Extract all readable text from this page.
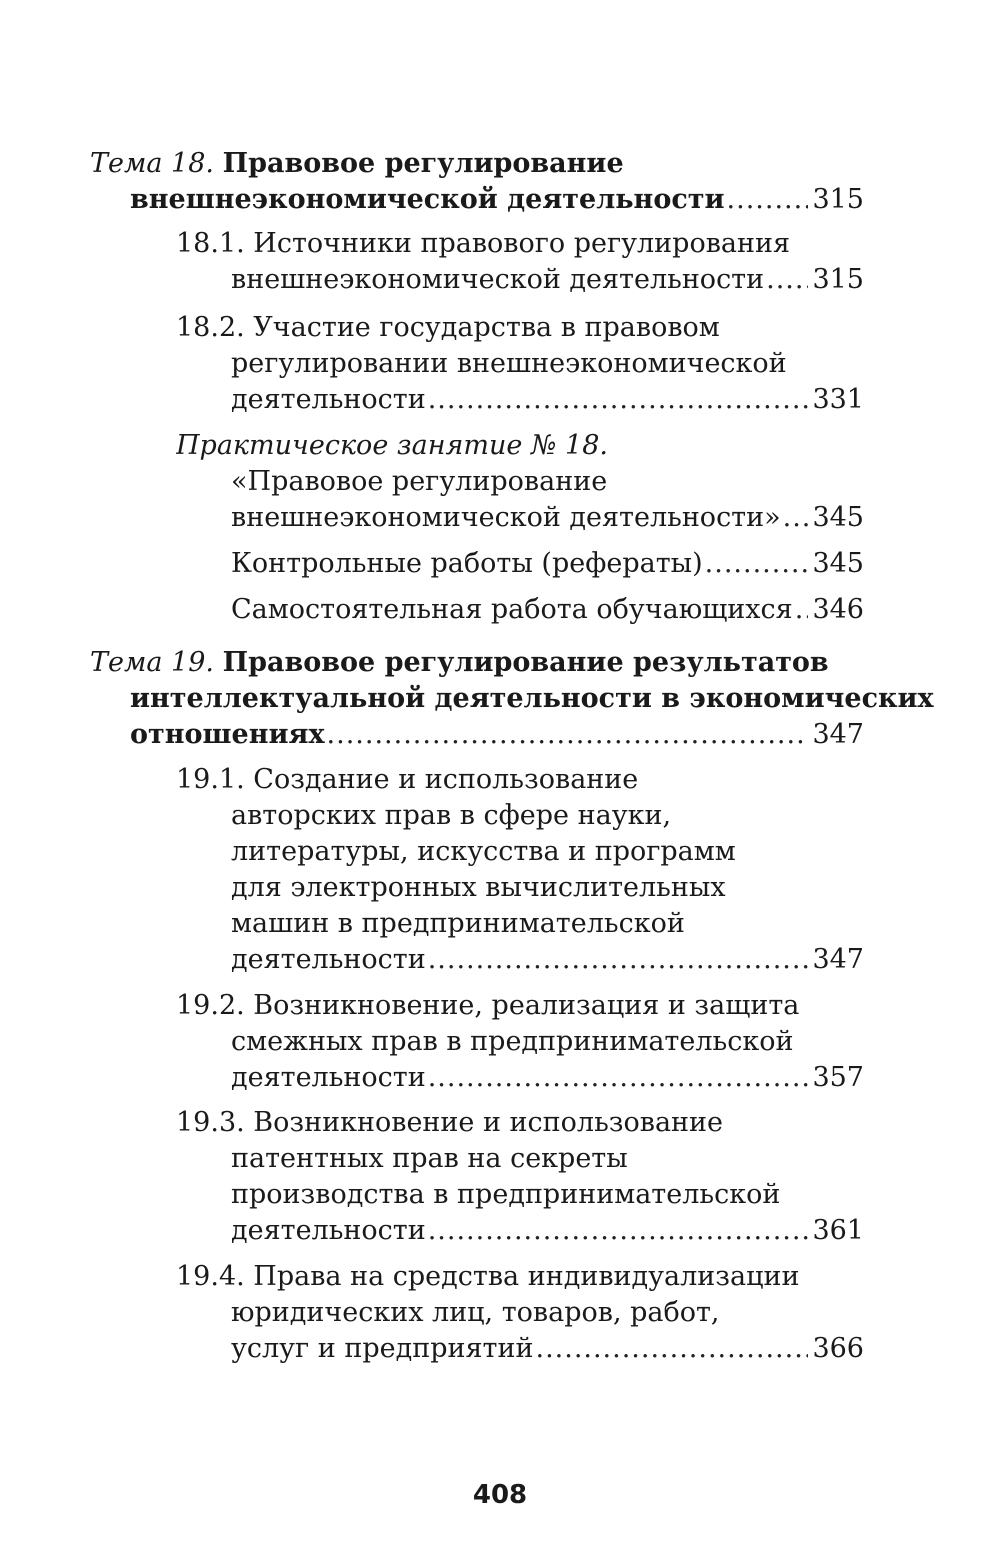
Тема 18. Правовое регулирование
внешнеэкономической деятельности .....	315
18.1. Источники правового регулирования
внешнеэкономической деятельности ..... 315
18.2. Участие государства в правовом
регулировании внешнеэкономической
деятельности .....	331
Практическое занятие № 18.
«Правовое регулирование
внешнеэкономической деятельности» ..... 345
Контрольные работы (рефераты) .....	345
Самостоятельная работа обучающихся ..... 346
Тема 19. Правовое регулирование результатов
интеллектуальной деятельности в экономических
отношениях .....	347
19.1. Создание и использование
авторских прав в сфере науки,
литературы, искусства и программ
для электронных вычислительных
машин в предпринимательской
деятельности .....	347
19.2. Возникновение, реализация и защита
смежных прав в предпринимательской
деятельности .....	357
19.3. Возникновение и использование
патентных прав на секреты
производства в предпринимательской
деятельности .....	361
19.4. Права на средства индивидуализации
юридических лиц, товаров, работ,
услуг и предприятий .....	366
408
